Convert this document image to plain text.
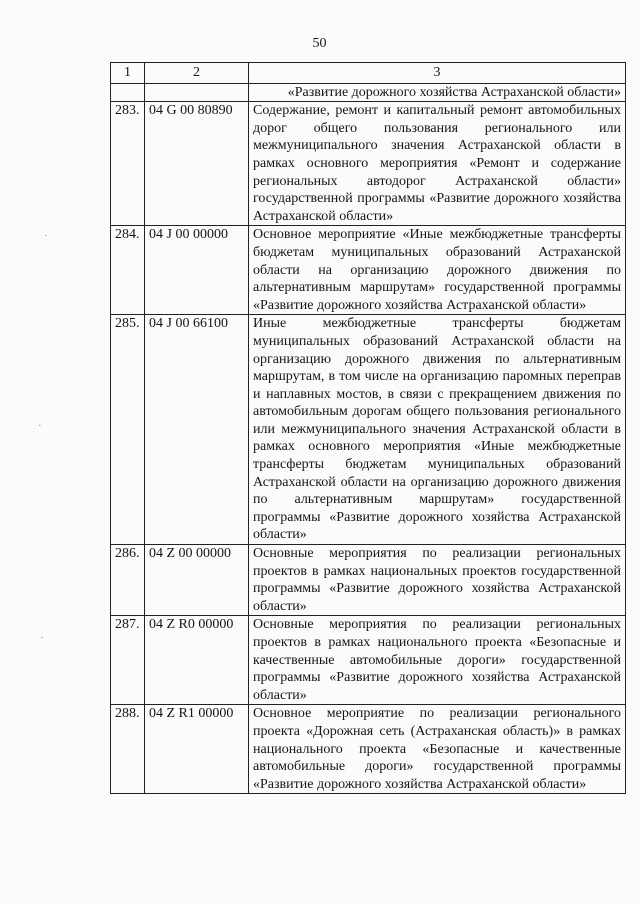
50
1	2	3
		«Развитие дорожного хозяйства Астраханской области»
283.	04 G 00 80890	Содержание, ремонт и капитальный ремонт автомобильных дорог общего пользования регионального или межмуниципального значения Астраханской области в рамках основного мероприятия «Ремонт и содержание региональных автодорог Астраханской области» государственной программы «Развитие дорожного хозяйства Астраханской области»
284.	04 J 00 00000	Основное мероприятие «Иные межбюджетные трансферты бюджетам муниципальных образований Астраханской области на организацию дорожного движения по альтернативным маршрутам» государственной программы «Развитие дорожного хозяйства Астраханской области»
285.	04 J 00 66100	Иные межбюджетные трансферты бюджетам муниципальных образований Астраханской области на организацию дорожного движения по альтернативным маршрутам, в том числе на организацию паромных переправ и наплавных мостов, в связи с прекращением движения по автомобильным дорогам общего пользования регионального или межмуниципального значения Астраханской области в рамках основного мероприятия «Иные межбюджетные трансферты бюджетам муниципальных образований Астраханской области на организацию дорожного движения по альтернативным маршрутам» государственной программы «Развитие дорожного хозяйства Астраханской области»
286.	04 Z 00 00000	Основные мероприятия по реализации региональных проектов в рамках национальных проектов государственной программы «Развитие дорожного хозяйства Астраханской области»
287.	04 Z R0 00000	Основные мероприятия по реализации региональных проектов в рамках национального проекта «Безопасные и качественные автомобильные дороги» государственной программы «Развитие дорожного хозяйства Астраханской области»
288.	04 Z R1 00000	Основное мероприятие по реализации регионального проекта «Дорожная сеть (Астраханская область)» в рамках национального проекта «Безопасные и качественные автомобильные дороги» государственной программы «Развитие дорожного хозяйства Астраханской области»
·
·
·
